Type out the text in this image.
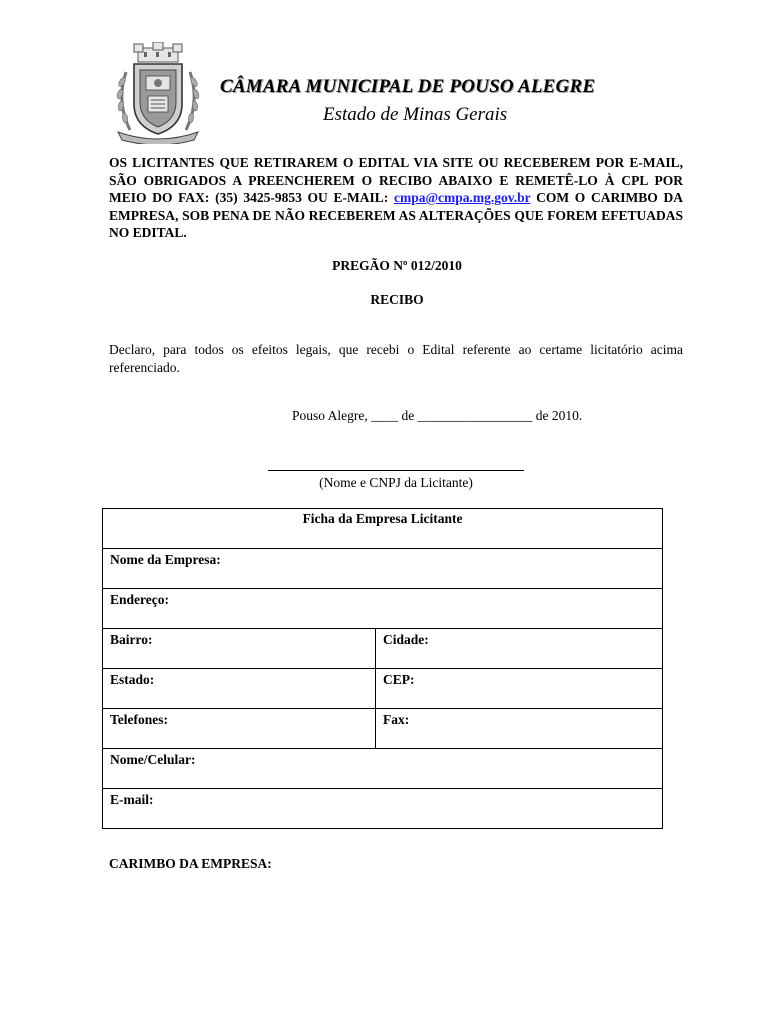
CÂMARA MUNICIPAL DE POUSO ALEGRE
Estado de Minas Gerais
OS LICITANTES QUE RETIRAREM O EDITAL VIA SITE OU RECEBEREM POR E-MAIL, SÃO OBRIGADOS A PREENCHEREM O RECIBO ABAIXO E REMETÊ-LO À CPL POR MEIO DO FAX: (35) 3425-9853 OU E-MAIL: cmpa@cmpa.mg.gov.br COM O CARIMBO DA EMPRESA, SOB PENA DE NÃO RECEBEREM AS ALTERAÇÕES QUE FOREM EFETUADAS NO EDITAL.
PREGÃO Nº 012/2010
RECIBO
Declaro, para todos os efeitos legais, que recebi o Edital referente ao certame licitatório acima referenciado.
Pouso Alegre, ____ de _________________ de 2010.
(Nome e CNPJ da Licitante)
Ficha da Empresa Licitante	
Nome da Empresa:	
Endereço:	
Bairro:	Cidade:
Estado:	CEP:
Telefones:	Fax:
Nome/Celular:	
E-mail:	
CARIMBO DA EMPRESA:
